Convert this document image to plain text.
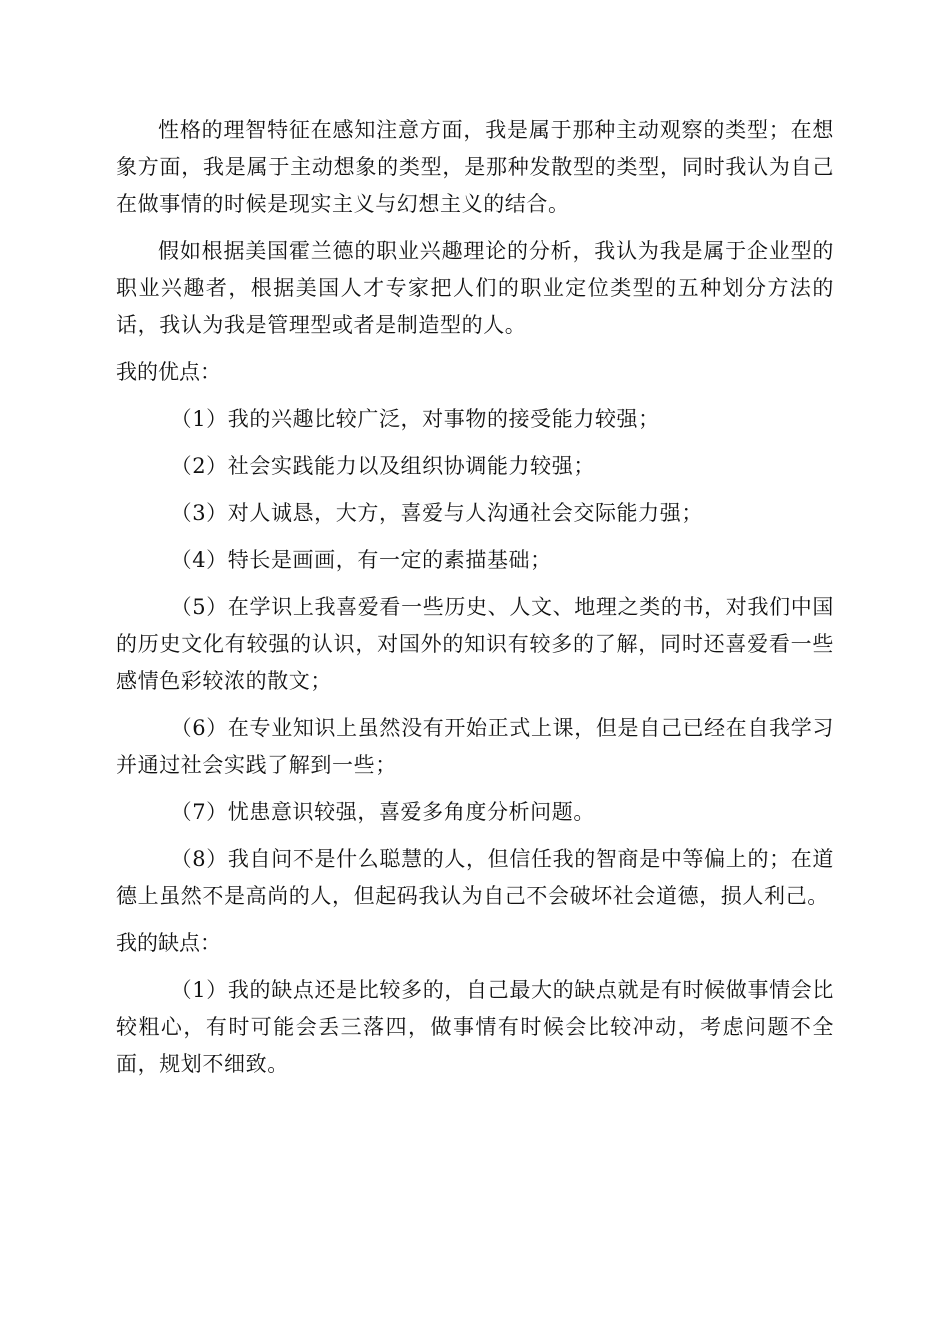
性格的理智特征在感知注意方面，我是属于那种主动观察的类型；在想象方面，我是属于主动想象的类型，是那种发散型的类型，同时我认为自己在做事情的时候是现实主义与幻想主义的结合。

假如根据美国霍兰德的职业兴趣理论的分析，我认为我是属于企业型的职业兴趣者，根据美国人才专家把人们的职业定位类型的五种划分方法的话，我认为我是管理型或者是制造型的人。

我的优点：

（1）我的兴趣比较广泛，对事物的接受能力较强；

（2）社会实践能力以及组织协调能力较强；

（3）对人诚恳，大方，喜爱与人沟通社会交际能力强；

（4）特长是画画，有一定的素描基础；

（5）在学识上我喜爱看一些历史、人文、地理之类的书，对我们中国的历史文化有较强的认识，对国外的知识有较多的了解，同时还喜爱看一些感情色彩较浓的散文；

（6）在专业知识上虽然没有开始正式上课，但是自己已经在自我学习并通过社会实践了解到一些；

（7）忧患意识较强，喜爱多角度分析问题。

（8）我自问不是什么聪慧的人，但信任我的智商是中等偏上的；在道德上虽然不是高尚的人，但起码我认为自己不会破坏社会道德，损人利己。

我的缺点：

（1）我的缺点还是比较多的，自己最大的缺点就是有时候做事情会比较粗心，有时可能会丢三落四，做事情有时候会比较冲动，考虑问题不全面，规划不细致。
